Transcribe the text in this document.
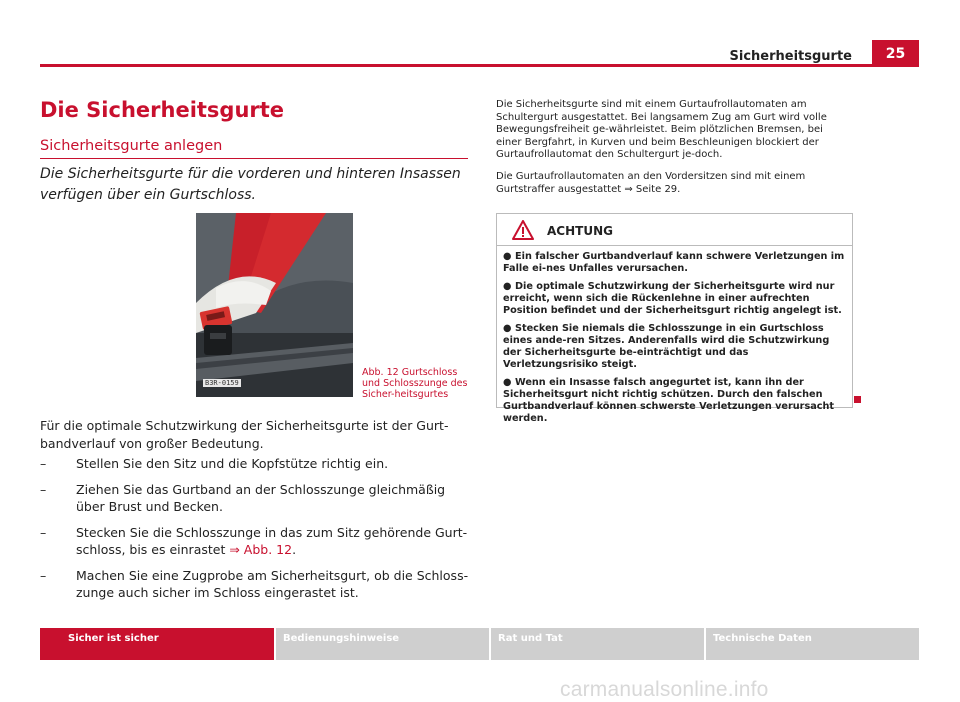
Sicherheitsgurte	25
Die Sicherheitsgurte
Sicherheitsgurte anlegen
Die Sicherheitsgurte für die vorderen und hinteren Insassen verfügen über ein Gurtschloss.
B3R-0159
Abb. 12 Gurtschloss und Schlosszunge des Sicher-heitsgurtes
Für die optimale Schutzwirkung der Sicherheitsgurte ist der Gurt-bandverlauf von großer Bedeutung.
– Stellen Sie den Sitz und die Kopfstütze richtig ein.
– Ziehen Sie das Gurtband an der Schlosszunge gleichmäßig über Brust und Becken.
– Stecken Sie die Schlosszunge in das zum Sitz gehörende Gurt-schloss, bis es einrastet ⇒ Abb. 12.
– Machen Sie eine Zugprobe am Sicherheitsgurt, ob die Schloss-zunge auch sicher im Schloss eingerastet ist.

Die Sicherheitsgurte sind mit einem Gurtaufrollautomaten am Schultergurt ausgestattet. Bei langsamem Zug am Gurt wird volle Bewegungsfreiheit ge-währleistet. Beim plötzlichen Bremsen, bei einer Bergfahrt, in Kurven und beim Beschleunigen blockiert der Gurtaufrollautomat den Schultergurt je-doch.

Die Gurtaufrollautomaten an den Vordersitzen sind mit einem Gurtstraffer ausgestattet ⇒ Seite 29.

ACHTUNG
● Ein falscher Gurtbandverlauf kann schwere Verletzungen im Falle ei-nes Unfalles verursachen.
● Die optimale Schutzwirkung der Sicherheitsgurte wird nur erreicht, wenn sich die Rückenlehne in einer aufrechten Position befindet und der Sicherheitsgurt richtig angelegt ist.
● Stecken Sie niemals die Schlosszunge in ein Gurtschloss eines ande-ren Sitzes. Anderenfalls wird die Schutzwirkung der Sicherheitsgurte be-einträchtigt und das Verletzungsrisiko steigt.
● Wenn ein Insasse falsch angegurtet ist, kann ihn der Sicherheitsgurt nicht richtig schützen. Durch den falschen Gurtbandverlauf können schwerste Verletzungen verursacht werden.
Sicher ist sicher	Bedienungshinweise	Rat und Tat	Technische Daten
carmanualsonline.info
